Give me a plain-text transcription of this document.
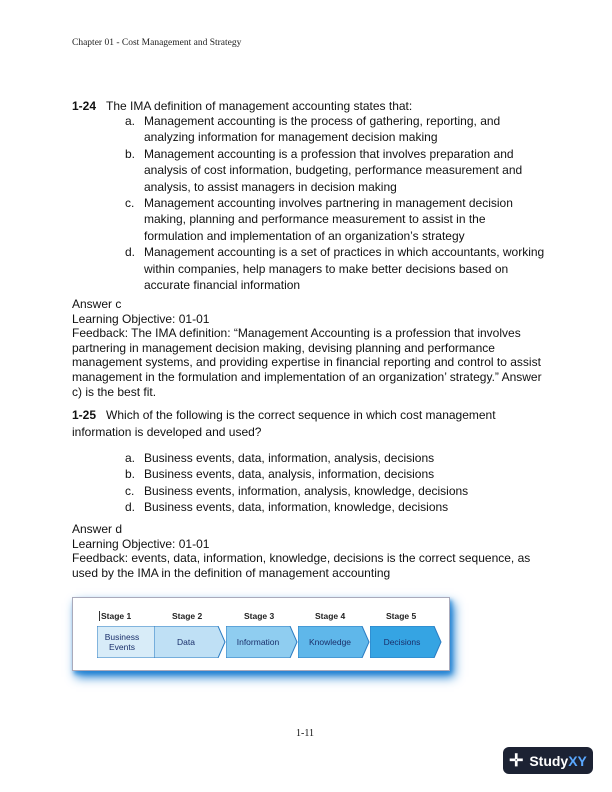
Chapter 01 - Cost Management and Strategy
1-24 The IMA definition of management accounting states that:
a. Management accounting is the process of gathering, reporting, and analyzing information for management decision making
b. Management accounting is a profession that involves preparation and analysis of cost information, budgeting, performance measurement and analysis, to assist managers in decision making
c. Management accounting involves partnering in management decision making, planning and performance measurement to assist in the formulation and implementation of an organization’s strategy
d. Management accounting is a set of practices in which accountants, working within companies, help managers to make better decisions based on accurate financial information
Answer c
Learning Objective: 01-01
Feedback: The IMA definition: “Management Accounting is a profession that involves partnering in management decision making, devising planning and performance management systems, and providing expertise in financial reporting and control to assist management in the formulation and implementation of an organization’ strategy.” Answer c) is the best fit.
1-25 Which of the following is the correct sequence in which cost management information is developed and used?
a. Business events, data, information, analysis, decisions
b. Business events, data, analysis, information, decisions
c. Business events, information, analysis, knowledge, decisions
d. Business events, data, information, knowledge, decisions
Answer d
Learning Objective: 01-01
Feedback: events, data, information, knowledge, decisions is the correct sequence, as used by the IMA in the definition of management accounting
Stage 1	Stage 2	Stage 3	Stage 4	Stage 5
Business Events	Data	Information	Knowledge	Decisions
1-11
✛ Study XY
